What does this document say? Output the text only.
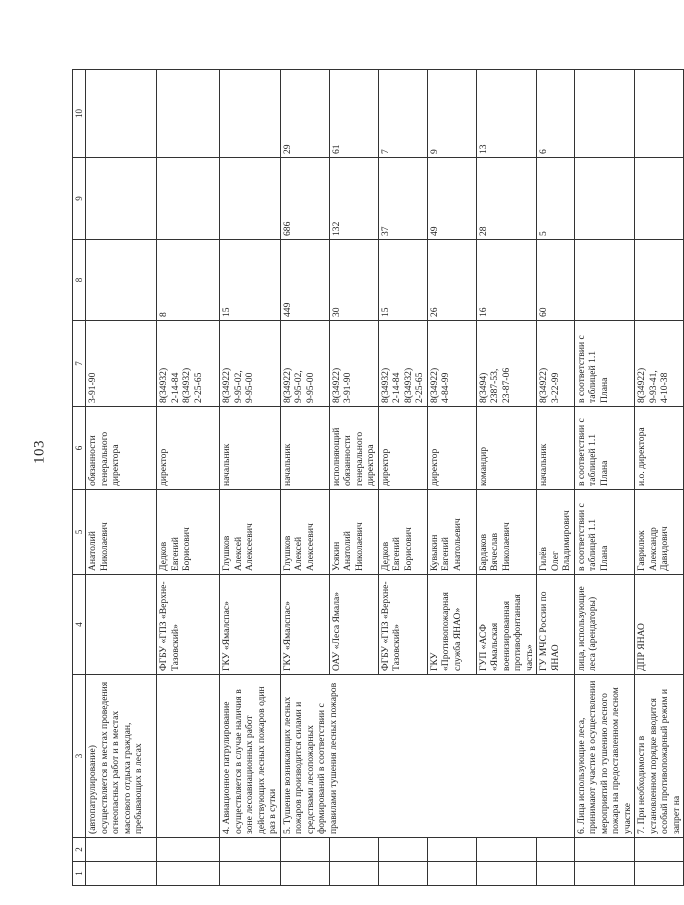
103
1	2	3	4	5	6	7	8	9	10
		(автопатрулирование) осуществляется в местах проведения огнеопасных работ и в местах массового отдыха граждан, пребывающих в лесах		Анатолий
Николаевич	обязанности генерального директора	3-91-90			
			ФГБУ «ГПЗ «Верхне-Тазовский»	Дедков
Евгений
Борисович	директор	8(34932)
2-14-84
8(34932)
2-25-65	8		
		4. Авиационное патрулирование осуществляется в случае наличия в зоне лесоавиационных работ действующих лесных пожаров один раз в сутки	ГКУ «Ямалспас»	Глушков
Алексей
Алексеевич	начальник	8(34922)
9-95-02,
9-95-00	15		
		5. Тушение возникающих лесных пожаров производится силами и средствами лесопожарных формирований в соответствии с правилами тушения лесных пожаров	ГКУ «Ямалспас»	Глушков
Алексей
Алексеевич	начальник	8(34922)
9-95-02,
9-95-00	449	686	29
			ОАУ «Леса Ямала»	Усякин
Анатолий
Николаевич	исполняющий обязанности генерального директора	8(34922)
3-91-90	30	132	61
			ФГБУ «ГПЗ «Верхне-Тазовский»	Дедков
Евгений
Борисович	директор	8(34932)
2-14-84
8(34932)
2-25-65	15	37	7
			ГКУ «Противопожарная служба ЯНАО»	Кувыкин
Евгений
Анатольевич	директор	8(34922)
4-84-99	26	49	9
			ГУП «АСФ «Ямальская военизированная противофонтанная часть»	Бардаков
Вячеслав
Николаевич	командир	8(3494)
2387-53,
23-87-06	16	28	13
			ГУ МЧС России по ЯНАО	Гилёв
Олег
Владимирович	начальник	8(34922)
3-22-99	60	5	6
		6. Лица использующие леса, принимают участие в осуществлении мероприятий по тушению лесного пожара на предоставленном лесном участке	лица, использующие леса (арендаторы)	в соответствии с таблицей 1.1 Плана	в соответствии с таблицей 1.1 Плана	в соответствии с таблицей 1.1 Плана			
		7. При необходимости в установленном порядке вводится особый противопожарный режим и запрет на	ДПР ЯНАО	Гаврилюк
Александр
Давидович	и.о. директора	8(34922)
9-93-41,
4-10-38			
